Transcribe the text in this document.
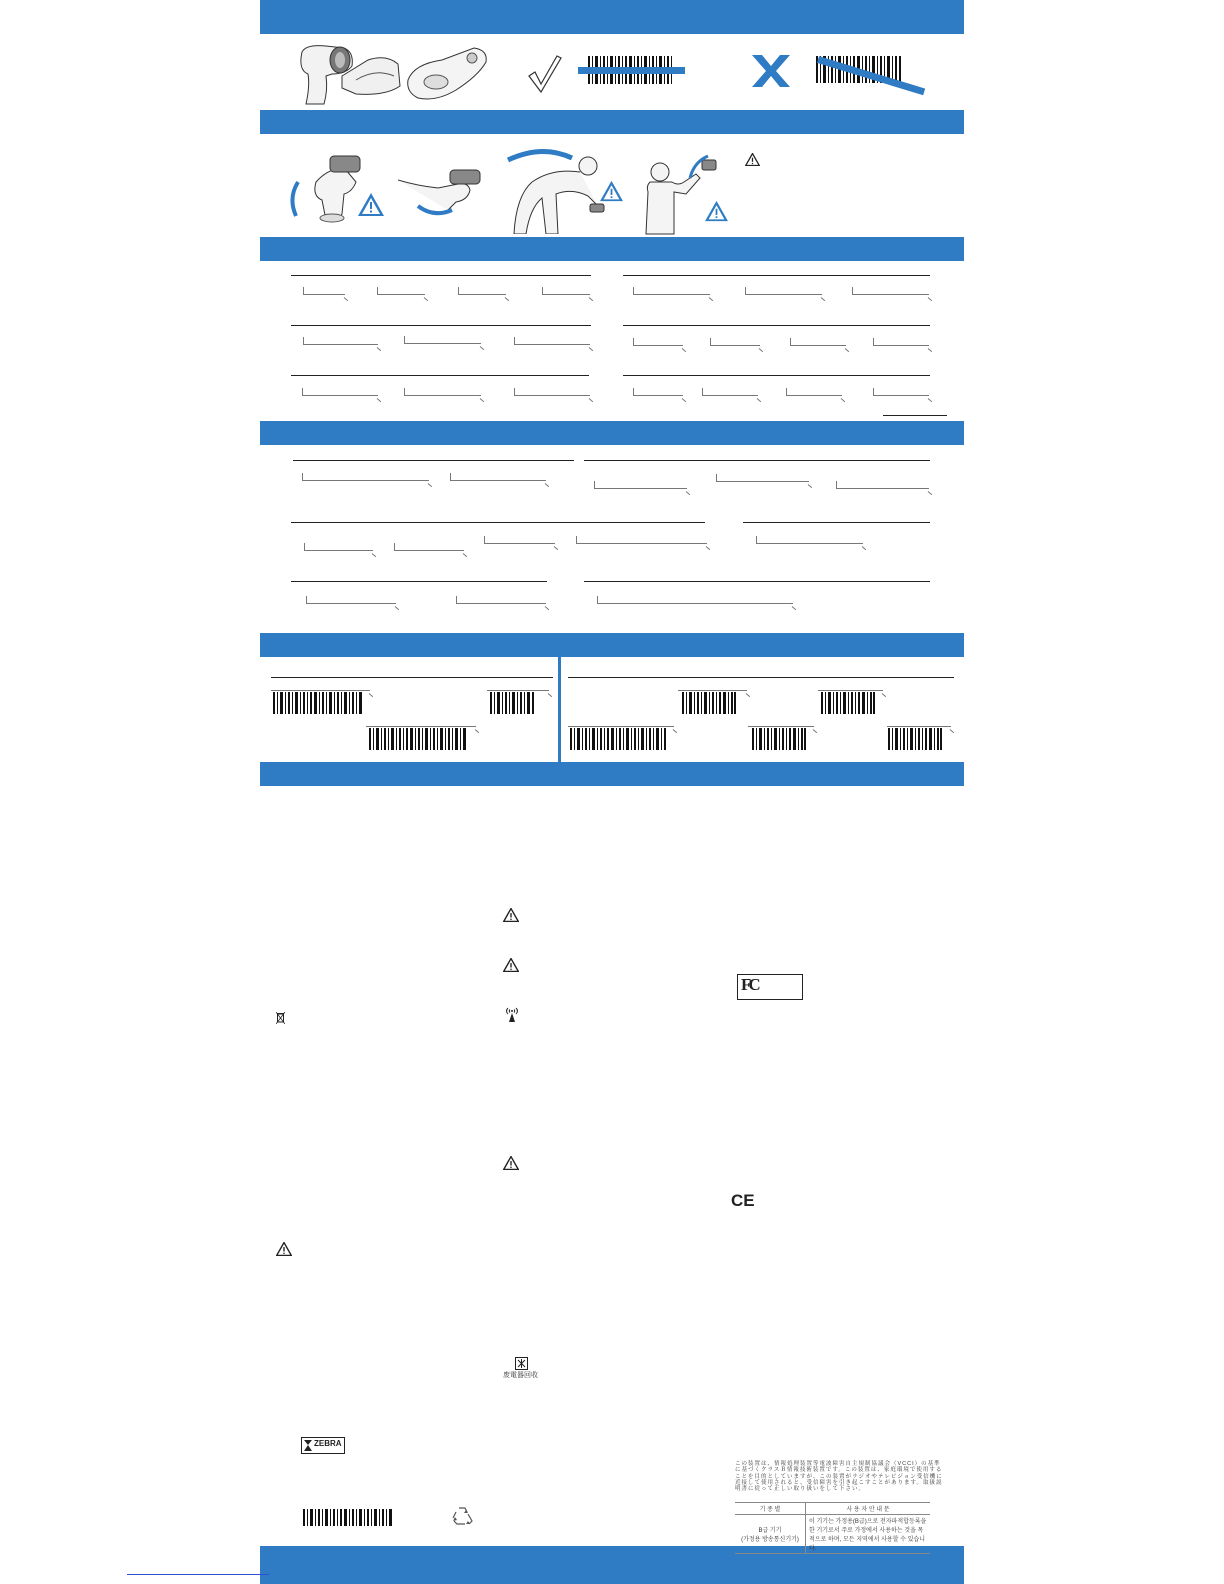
FC
CE
废電器回收
ZEBRA
この装置は、情報処理装置等電波障害自主規制協議会（VCCI）の基準に基づくクラスＢ情報技術装置です。この装置は、家庭環境で使用することを目的としていますが、この装置がラジオやテレビジョン受信機に近接して使用されると、受信障害を引き起こすことがあります。取扱説明書に従って正しい取り扱いをして下さい。
기 종 별	사 용 자 안 내 문

B급 기기
(가정용 방송통신기기)	이 기기는 가정용(B급)으로 전자파적합등록을 한 기기로서 주로 가정에서 사용하는 것을 목적으로 하며, 모든 지역에서 사용할 수 있습니다.
